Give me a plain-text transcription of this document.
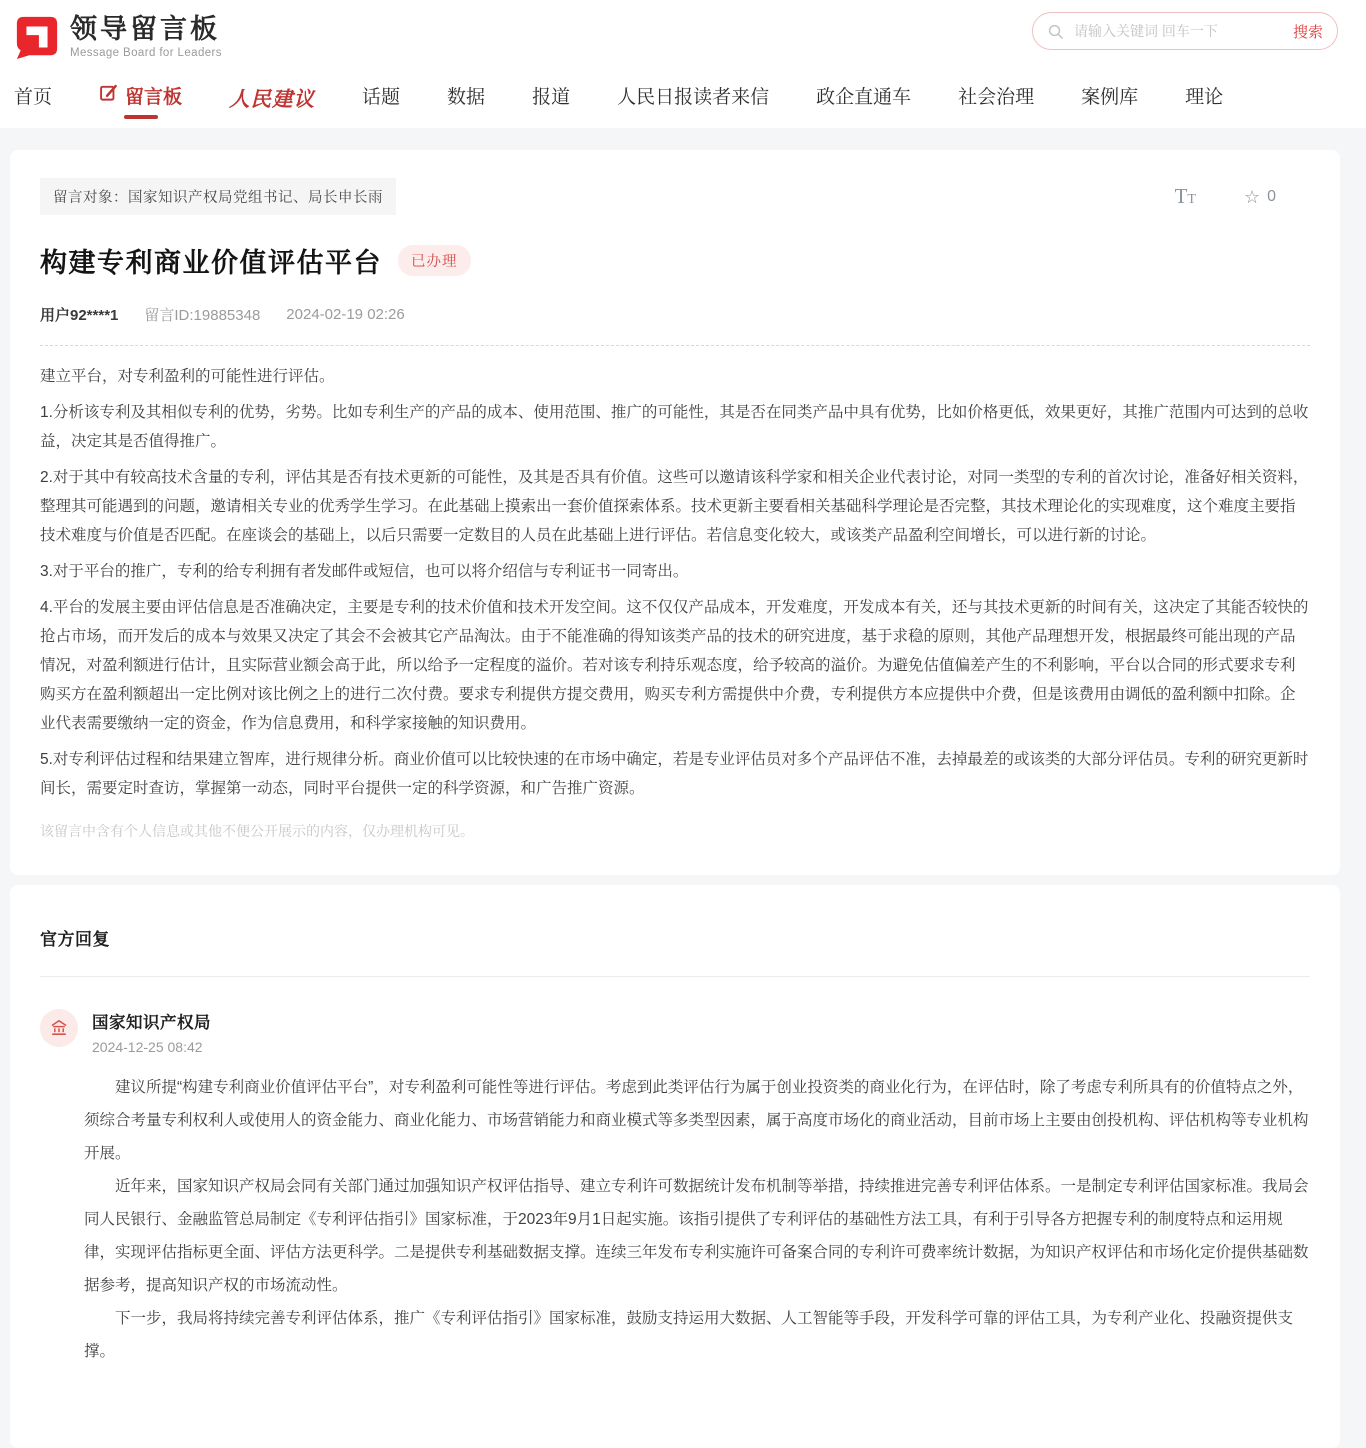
领导留言板
Message Board for Leaders
请输入关键词 回车一下
搜索
首页	留言板 人民建议 话题 数据 报道 人民日报读者来信 政企直通车 社会治理 案例库 理论
留言对象：国家知识产权局党组书记、局长申长雨	TT	☆ 0
构建专利商业价值评估平台	已办理
用户92****1 留言ID:19885348 2024-02-19 02:26

建立平台，对专利盈利的可能性进行评估。

1.分析该专利及其相似专利的优势，劣势。比如专利生产的产品的成本、使用范围、推广的可能性，其是否在同类产品中具有优势，比如价格更低，效果更好，其推广范围内可达到的总收益，决定其是否值得推广。

2.对于其中有较高技术含量的专利，评估其是否有技术更新的可能性，及其是否具有价值。这些可以邀请该科学家和相关企业代表讨论，对同一类型的专利的首次讨论，准备好相关资料，整理其可能遇到的问题，邀请相关专业的优秀学生学习。在此基础上摸索出一套价值探索体系。技术更新主要看相关基础科学理论是否完整，其技术理论化的实现难度，这个难度主要指技术难度与价值是否匹配。在座谈会的基础上，以后只需要一定数目的人员在此基础上进行评估。若信息变化较大，或该类产品盈利空间增长，可以进行新的讨论。

3.对于平台的推广，专利的给专利拥有者发邮件或短信，也可以将介绍信与专利证书一同寄出。

4.平台的发展主要由评估信息是否准确决定，主要是专利的技术价值和技术开发空间。这不仅仅产品成本，开发难度，开发成本有关，还与其技术更新的时间有关，这决定了其能否较快的抢占市场，而开发后的成本与效果又决定了其会不会被其它产品淘汰。由于不能准确的得知该类产品的技术的研究进度，基于求稳的原则，其他产品理想开发，根据最终可能出现的产品情况，对盈利额进行估计，且实际营业额会高于此，所以给予一定程度的溢价。若对该专利持乐观态度，给予较高的溢价。为避免估值偏差产生的不利影响，平台以合同的形式要求专利购买方在盈利额超出一定比例对该比例之上的进行二次付费。要求专利提供方提交费用，购买专利方需提供中介费，专利提供方本应提供中介费，但是该费用由调低的盈利额中扣除。企业代表需要缴纳一定的资金，作为信息费用，和科学家接触的知识费用。

5.对专利评估过程和结果建立智库，进行规律分析。商业价值可以比较快速的在市场中确定，若是专业评估员对多个产品评估不准，去掉最差的或该类的大部分评估员。专利的研究更新时间长，需要定时查访，掌握第一动态，同时平台提供一定的科学资源，和广告推广资源。

该留言中含有个人信息或其他不便公开展示的内容，仅办理机构可见。

官方回复
国家知识产权局
2024-12-25 08:42

建议所提“构建专利商业价值评估平台”，对专利盈利可能性等进行评估。考虑到此类评估行为属于创业投资类的商业化行为，在评估时，除了考虑专利所具有的价值特点之外，须综合考量专利权利人或使用人的资金能力、商业化能力、市场营销能力和商业模式等多类型因素，属于高度市场化的商业活动，目前市场上主要由创投机构、评估机构等专业机构开展。

近年来，国家知识产权局会同有关部门通过加强知识产权评估指导、建立专利许可数据统计发布机制等举措，持续推进完善专利评估体系。一是制定专利评估国家标准。我局会同人民银行、金融监管总局制定《专利评估指引》国家标准，于2023年9月1日起实施。该指引提供了专利评估的基础性方法工具，有利于引导各方把握专利的制度特点和运用规律，实现评估指标更全面、评估方法更科学。二是提供专利基础数据支撑。连续三年发布专利实施许可备案合同的专利许可费率统计数据，为知识产权评估和市场化定价提供基础数据参考，提高知识产权的市场流动性。

下一步，我局将持续完善专利评估体系，推广《专利评估指引》国家标准，鼓励支持运用大数据、人工智能等手段，开发科学可靠的评估工具，为专利产业化、投融资提供支撑。
